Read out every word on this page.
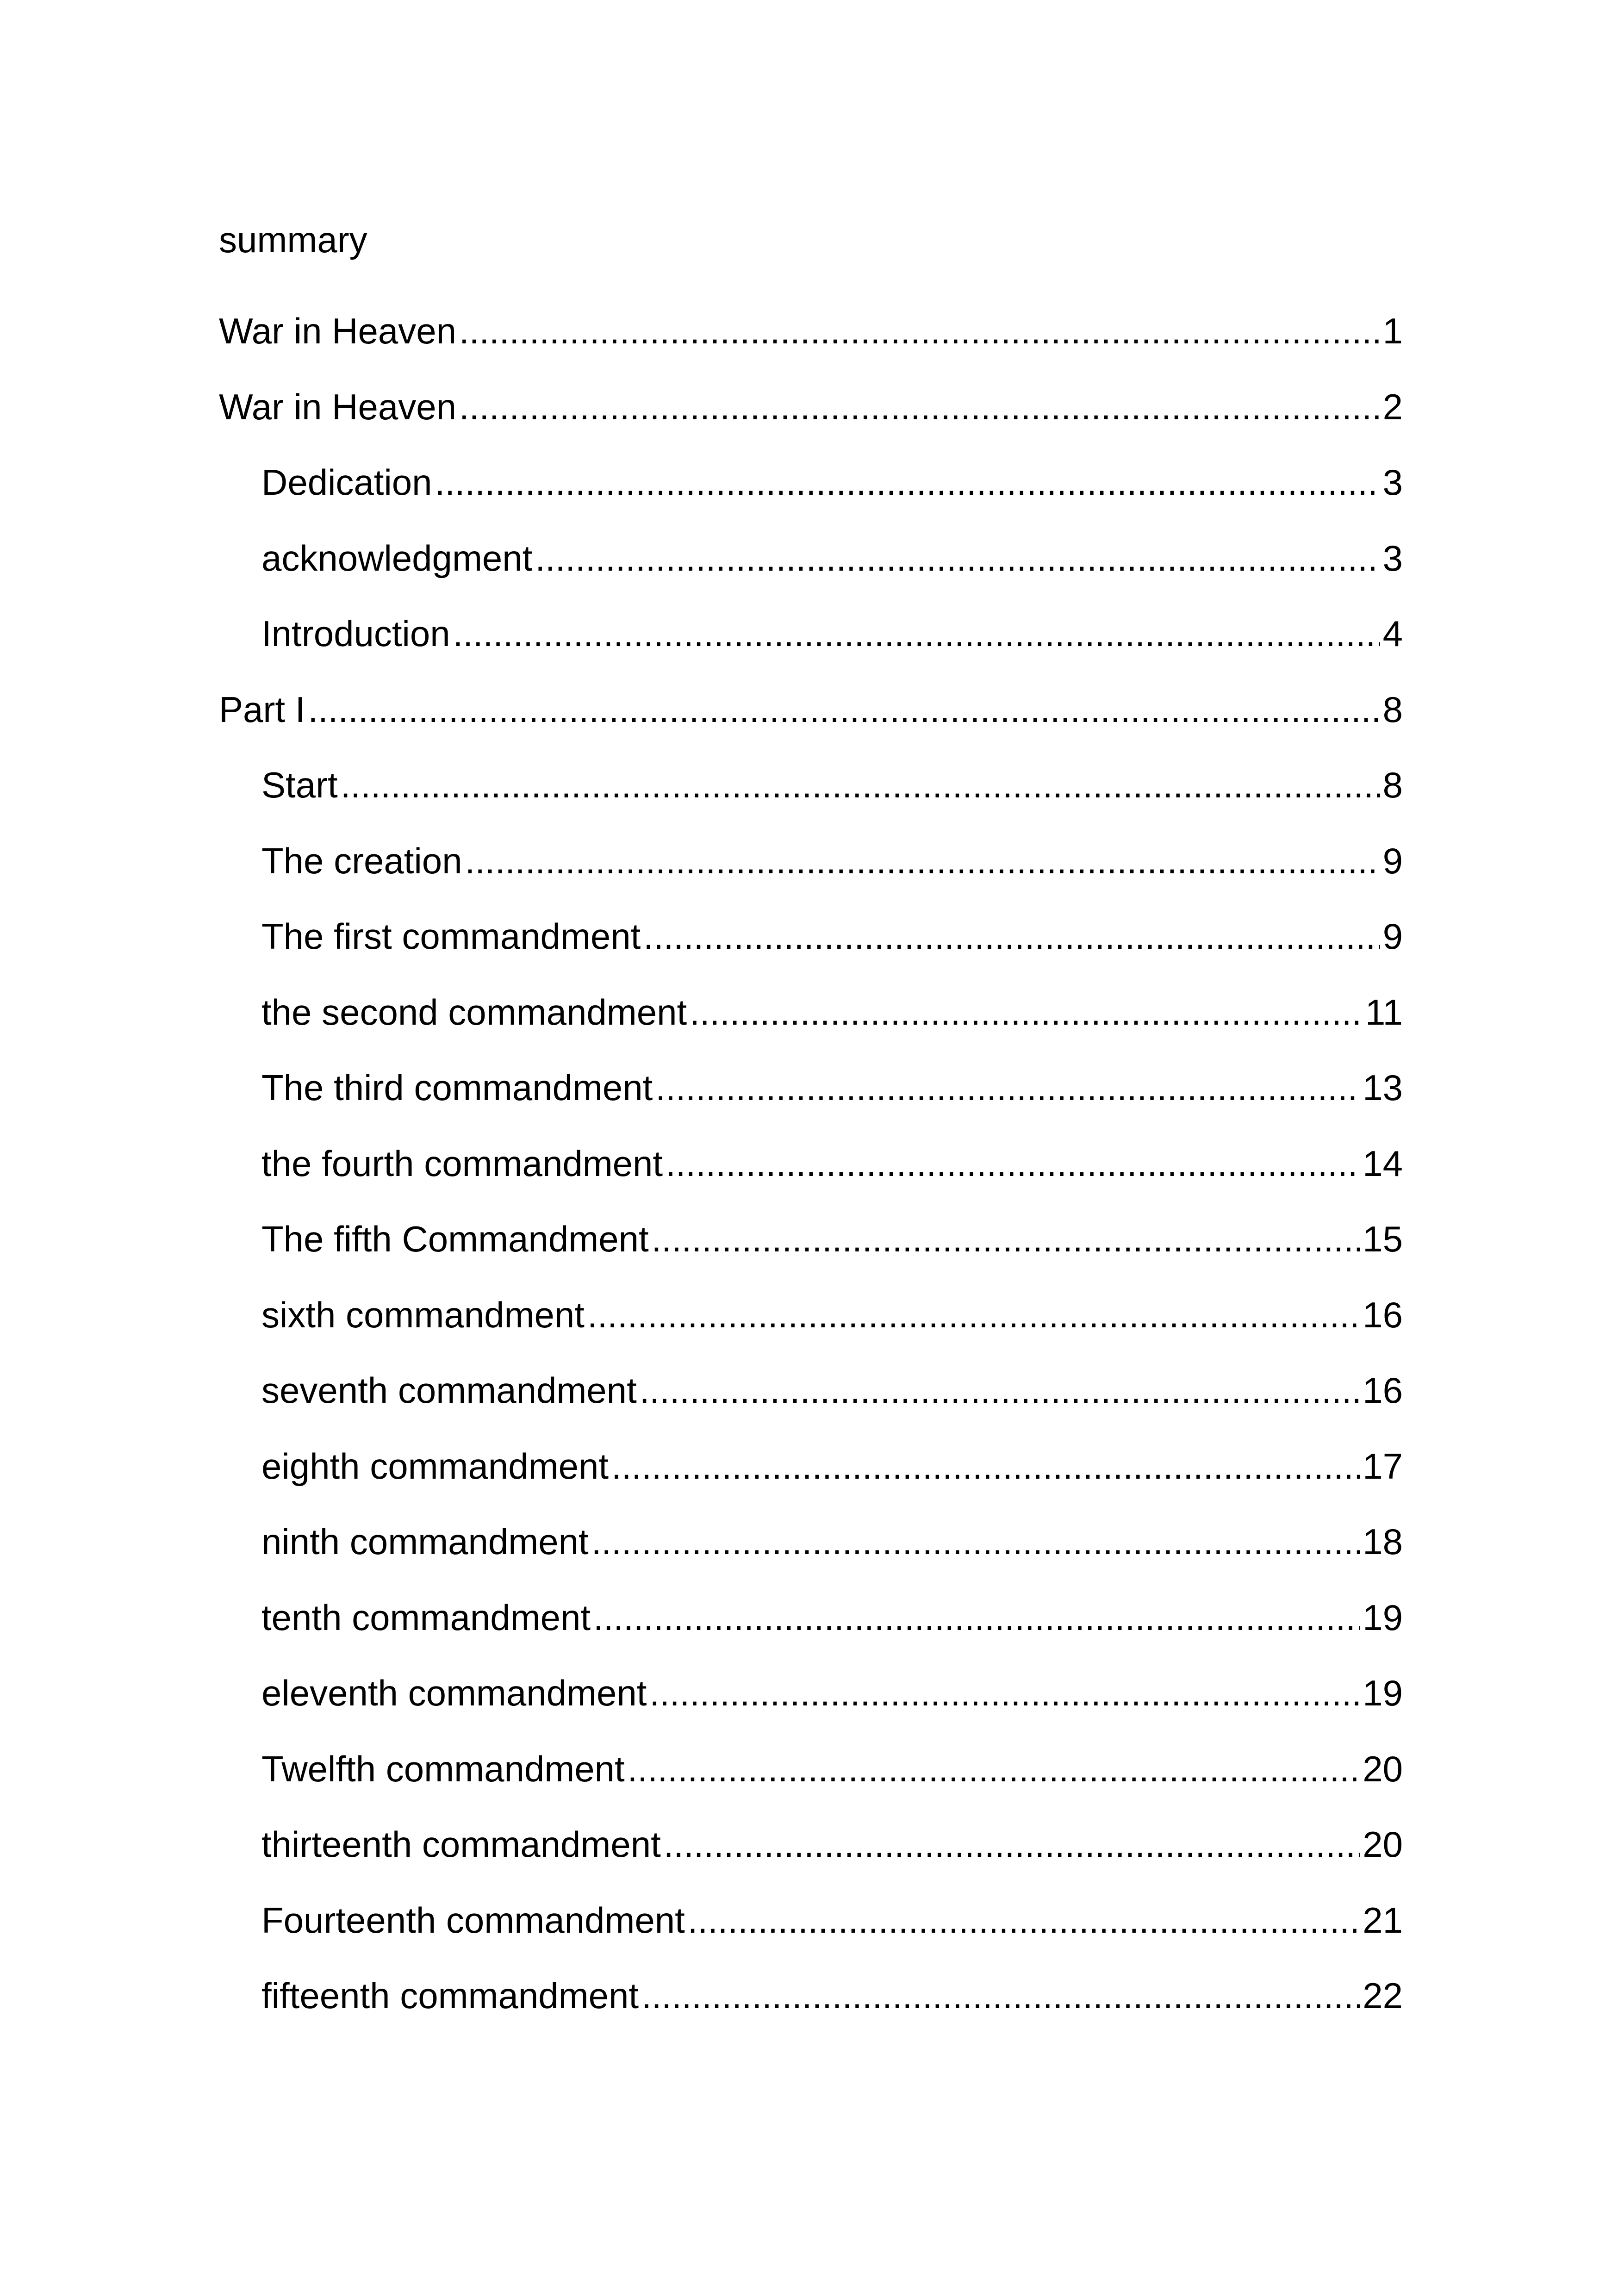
summary
War in Heaven .....	1
War in Heaven .....	2
Dedication .....	3
acknowledgment .....	3
Introduction .....	4
Part I .....	8
Start .....	8
The creation .....	9
The first commandment .....	9
the second commandment .....	11
The third commandment .....	13
the fourth commandment .....	14
The fifth Commandment .....	15
sixth commandment .....	16
seventh commandment .....	16
eighth commandment .....	17
ninth commandment .....	18
tenth commandment .....	19
eleventh commandment .....	19
Twelfth commandment .....	20
thirteenth commandment .....	20
Fourteenth commandment .....	21
fifteenth commandment .....	22
